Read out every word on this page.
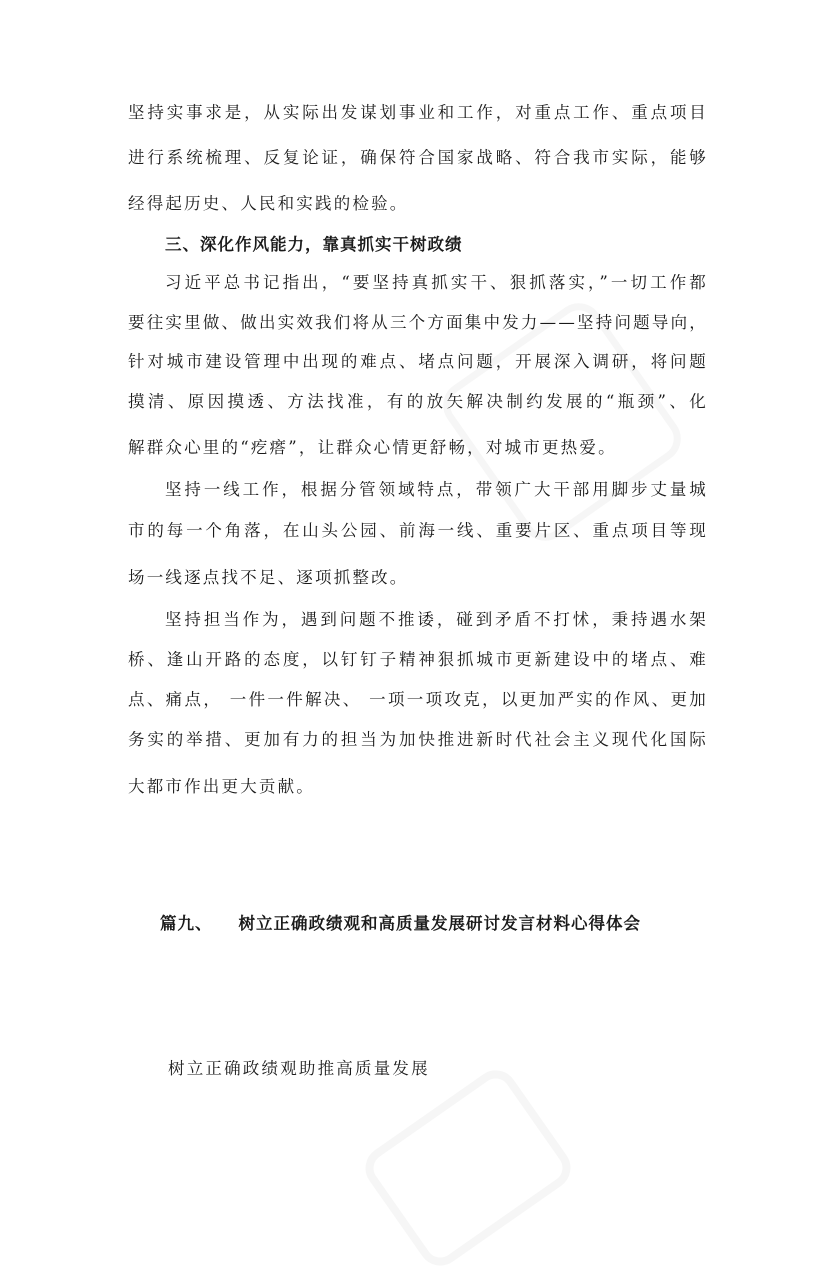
坚持实事求是，从实际出发谋划事业和工作，对重点工作、重点项目
进行系统梳理、反复论证，确保符合国家战略、符合我市实际，能够
经得起历史、人民和实践的检验。
三、深化作风能力，靠真抓实干树政绩
习近平总书记指出，“要坚持真抓实干、狠抓落实，”一切工作都
要往实里做、做出实效我们将从三个方面集中发力——坚持问题导向，
针对城市建设管理中出现的难点、堵点问题，开展深入调研，将问题
摸清、原因摸透、方法找准，有的放矢解决制约发展的“瓶颈”、化
解群众心里的“疙瘩”，让群众心情更舒畅，对城市更热爱。
坚持一线工作，根据分管领域特点，带领广大干部用脚步丈量城
市的每一个角落，在山头公园、前海一线、重要片区、重点项目等现
场一线逐点找不足、逐项抓整改。
坚持担当作为，遇到问题不推诿，碰到矛盾不打怵，秉持遇水架
桥、逢山开路的态度，以钉钉子精神狠抓城市更新建设中的堵点、难
点、痛点， 一件一件解决、 一项一项攻克，以更加严实的作风、更加
务实的举措、更加有力的担当为加快推进新时代社会主义现代化国际
大都市作出更大贡献。
篇九、 树立正确政绩观和高质量发展研讨发言材料心得体会
树立正确政绩观助推高质量发展
